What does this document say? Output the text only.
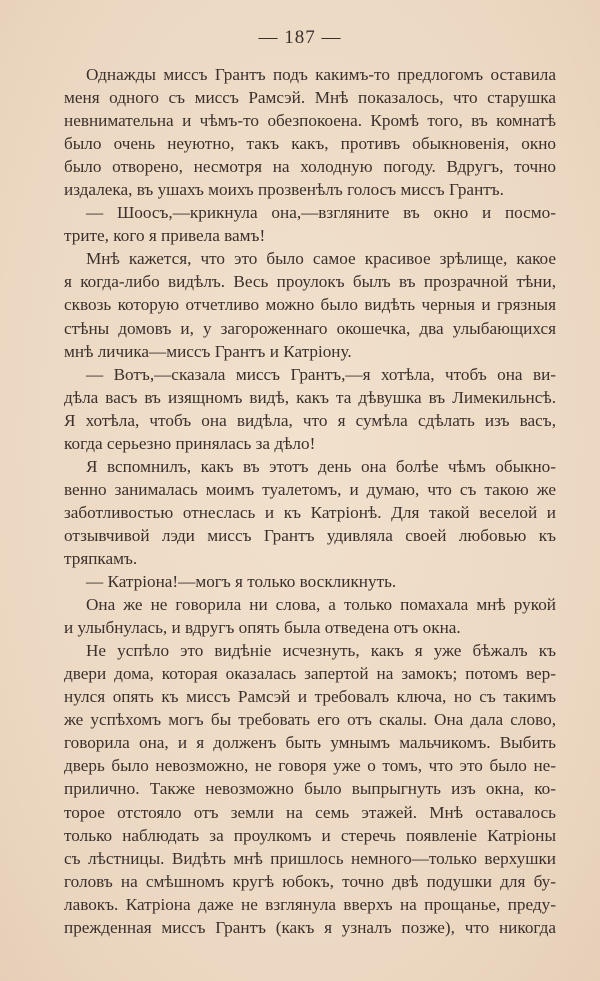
— 187 —
Однажды миссъ Грантъ подъ какимъ-то предлогомъ оставила
меня одного съ миссъ Рамсэй. Мнѣ показалось, что старушка
невнимательна и чѣмъ-то обезпокоена. Кромѣ того, въ комнатѣ
было очень неуютно, такъ какъ, противъ обыкновенія, окно
было отворено, несмотря на холодную погоду. Вдругъ, точно
издалека, въ ушахъ моихъ прозвенѣлъ голосъ миссъ Грантъ.
— Шоосъ,—крикнула она,—взгляните въ окно и посмо-
трите, кого я привела вамъ!
Мнѣ кажется, что это было самое красивое зрѣлище, какое
я когда-либо видѣлъ. Весь проулокъ былъ въ прозрачной тѣни,
сквозь которую отчетливо можно было видѣть черныя и грязныя
стѣны домовъ и, у загороженнаго окошечка, два улыбающихся
мнѣ личика—миссъ Грантъ и Катріону.
— Вотъ,—сказала миссъ Грантъ,—я хотѣла, чтобъ она ви-
дѣла васъ въ изящномъ видѣ, какъ та дѣвушка въ Лимекильнсѣ.
Я хотѣла, чтобъ она видѣла, что я сумѣла сдѣлать изъ васъ,
когда серьезно принялась за дѣло!
Я вспомнилъ, какъ въ этотъ день она болѣе чѣмъ обыкно-
венно занималась моимъ туалетомъ, и думаю, что съ такою же
заботливостью отнеслась и къ Катріонѣ. Для такой веселой и
отзывчивой лэди миссъ Грантъ удивляла своей любовью къ
тряпкамъ.
— Катріона!—могъ я только воскликнуть.
Она же не говорила ни слова, а только помахала мнѣ рукой
и улыбнулась, и вдругъ опять была отведена отъ окна.
Не успѣло это видѣніе исчезнуть, какъ я уже бѣжалъ къ
двери дома, которая оказалась запертой на замокъ; потомъ вер-
нулся опять къ миссъ Рамсэй и требовалъ ключа, но съ такимъ
же успѣхомъ могъ бы требовать его отъ скалы. Она дала слово,
говорила она, и я долженъ быть умнымъ мальчикомъ. Выбить
дверь было невозможно, не говоря уже о томъ, что это было не-
прилично. Также невозможно было выпрыгнуть изъ окна, ко-
торое отстояло отъ земли на семь этажей. Мнѣ оставалось
только наблюдать за проулкомъ и стеречь появленіе Катріоны
съ лѣстницы. Видѣть мнѣ пришлось немного—только верхушки
головъ на смѣшномъ кругѣ юбокъ, точно двѣ подушки для бу-
лавокъ. Катріона даже не взглянула вверхъ на прощанье, преду-
прежденная миссъ Грантъ (какъ я узналъ позже), что никогда
